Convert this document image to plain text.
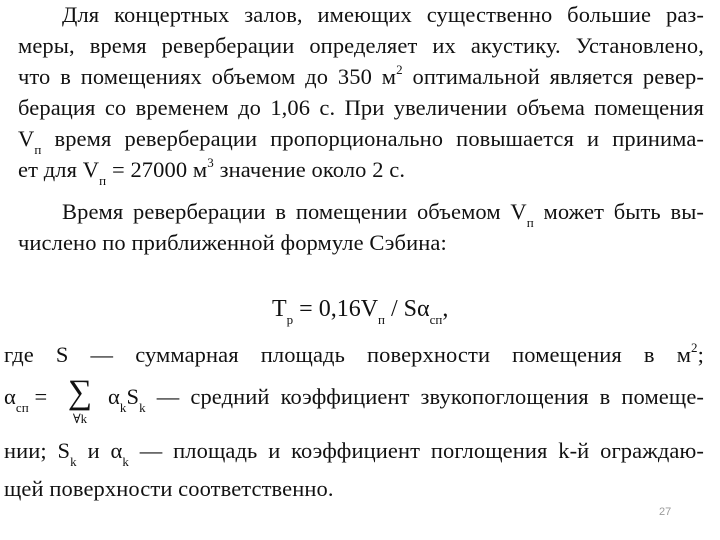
Для концертных залов, имеющих существенно большие раз-
меры, время реверберации определяет их акустику. Установлено,
что в помещениях объемом до 350 $м^2$ оптимальной является ревер-
берация со временем до 1,06 с. При увеличении объема помещения
$V_п$ время реверберации пропорционально повышается и принима-
ет для $V_п = 27000$ $м^3$ значение около 2 с.
Время реверберации в помещении объемом $V_п$ может быть вы-
числено по приближенной формуле Сэбина:
$T_р = 0,16V_п / S\alpha_{сп}$,
где S — суммарная площадь поверхности помещения в $м^2$;
$\alpha_{сп}$ = ∑
∀k
$\alpha_kS_k$ — средний коэффициент звукопоглощения в помеще-
нии; $S_k$ и $\alpha_k$ — площадь и коэффициент поглощения k-й ограждаю-
щей поверхности соответственно.
27
